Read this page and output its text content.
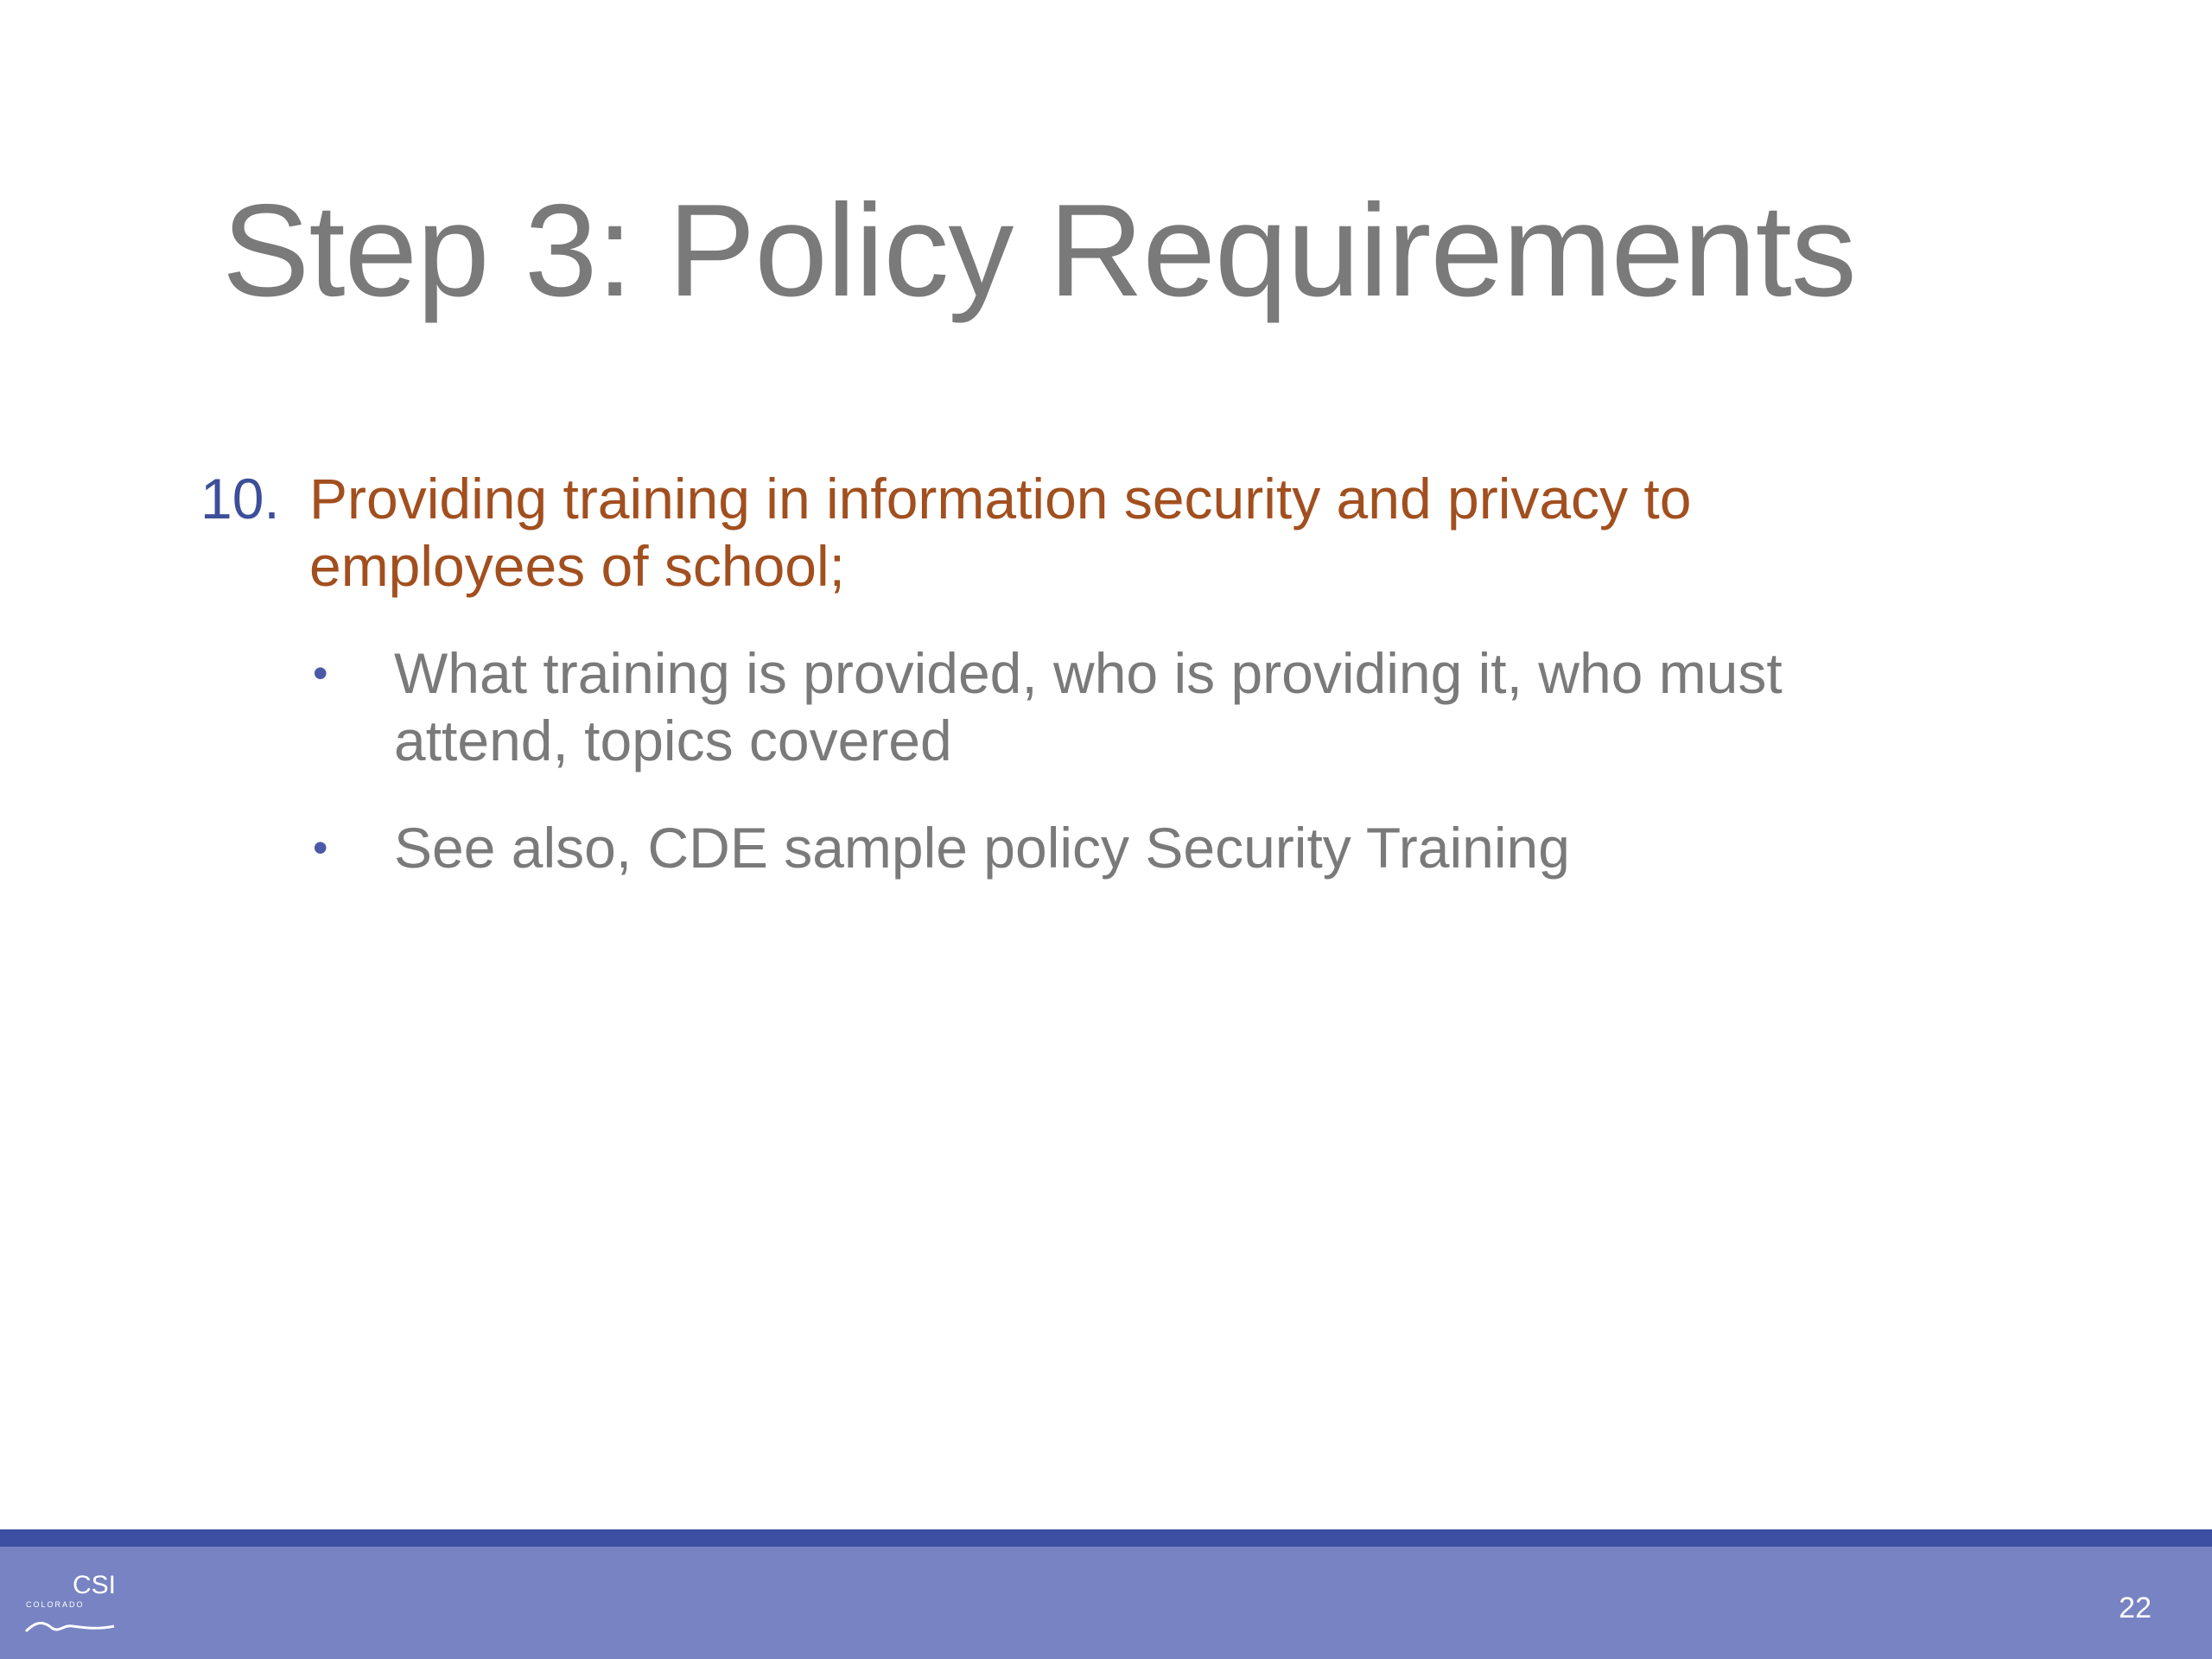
Step 3: Policy Requirements
10. Providing training in information security and privacy to
employees of school;
• What training is provided, who is providing it, who must
attend, topics covered
• See also, CDE sample policy Security Training
CSI
COLORADO	22
